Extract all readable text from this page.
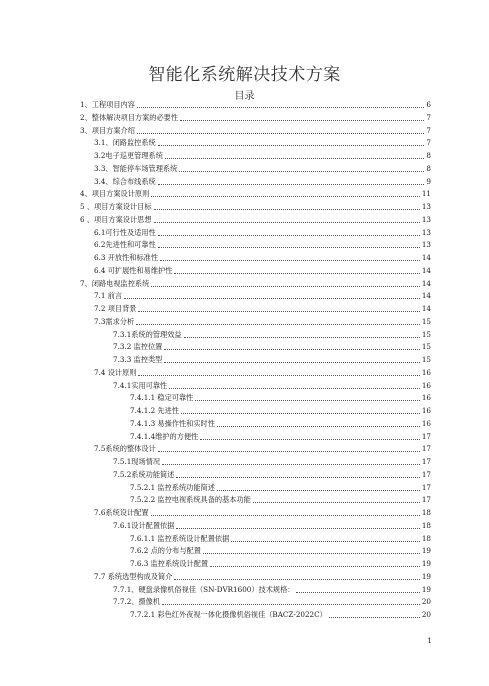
智能化系统解决技术方案
目录
1、工程项目内容	6
2、整体解决项目方案的必要性	7
3、项目方案介绍	7
3.1、闭路监控系统	7
3.2电子巡更管理系统	8
3.3、智能停车场管理系统	8
3.4、综合布线系统	9
4、项目方案设计原则	11
5 、项目方案设计目标	13
6 、项目方案设计思想	13
6.1可行性及适用性	13
6.2先进性和可靠性	13
6.3 开放性和标准性	14
6.4 可扩展性和易维护性	14
7、闭路电视监控系统	14
7.1 前言	14
7.2 项目背景	14
7.3需求分析	15
7.3.1系统的管理效益	15
7.3.2 监控位置	15
7.3.3 监控类型	15
7.4 设计原则	16
7.4.1实用可靠性	16
7.4.1.1 稳定可靠性	16
7.4.1.2 先进性	16
7.4.1.3 易操作性和实时性	16
7.4.1.4维护的方便性	17
7.5系统的整体设计	17
7.5.1现场情况	17
7.5.2系统功能简述	17
7.5.2.1 监控系统功能简述	17
7.5.2.2 监控电视系统具备的基本功能	17
7.6系统设计配置	18
7.6.1设计配置依据	18
7.6.1.1 监控系统设计配置依据	18
7.6.2 点的分布与配置	19
7.6.3 监控系统设计配置	19
7.7 系统选型构成及简介	19
7.7.1、硬盘录像机俗视佳（SN-DVR1600）技术规格：	19
7.7.2、摄像机	20
7.7.2.1 彩色红外夜视一体化摄像机俗视佳（BACZ-2022C）	20
1
